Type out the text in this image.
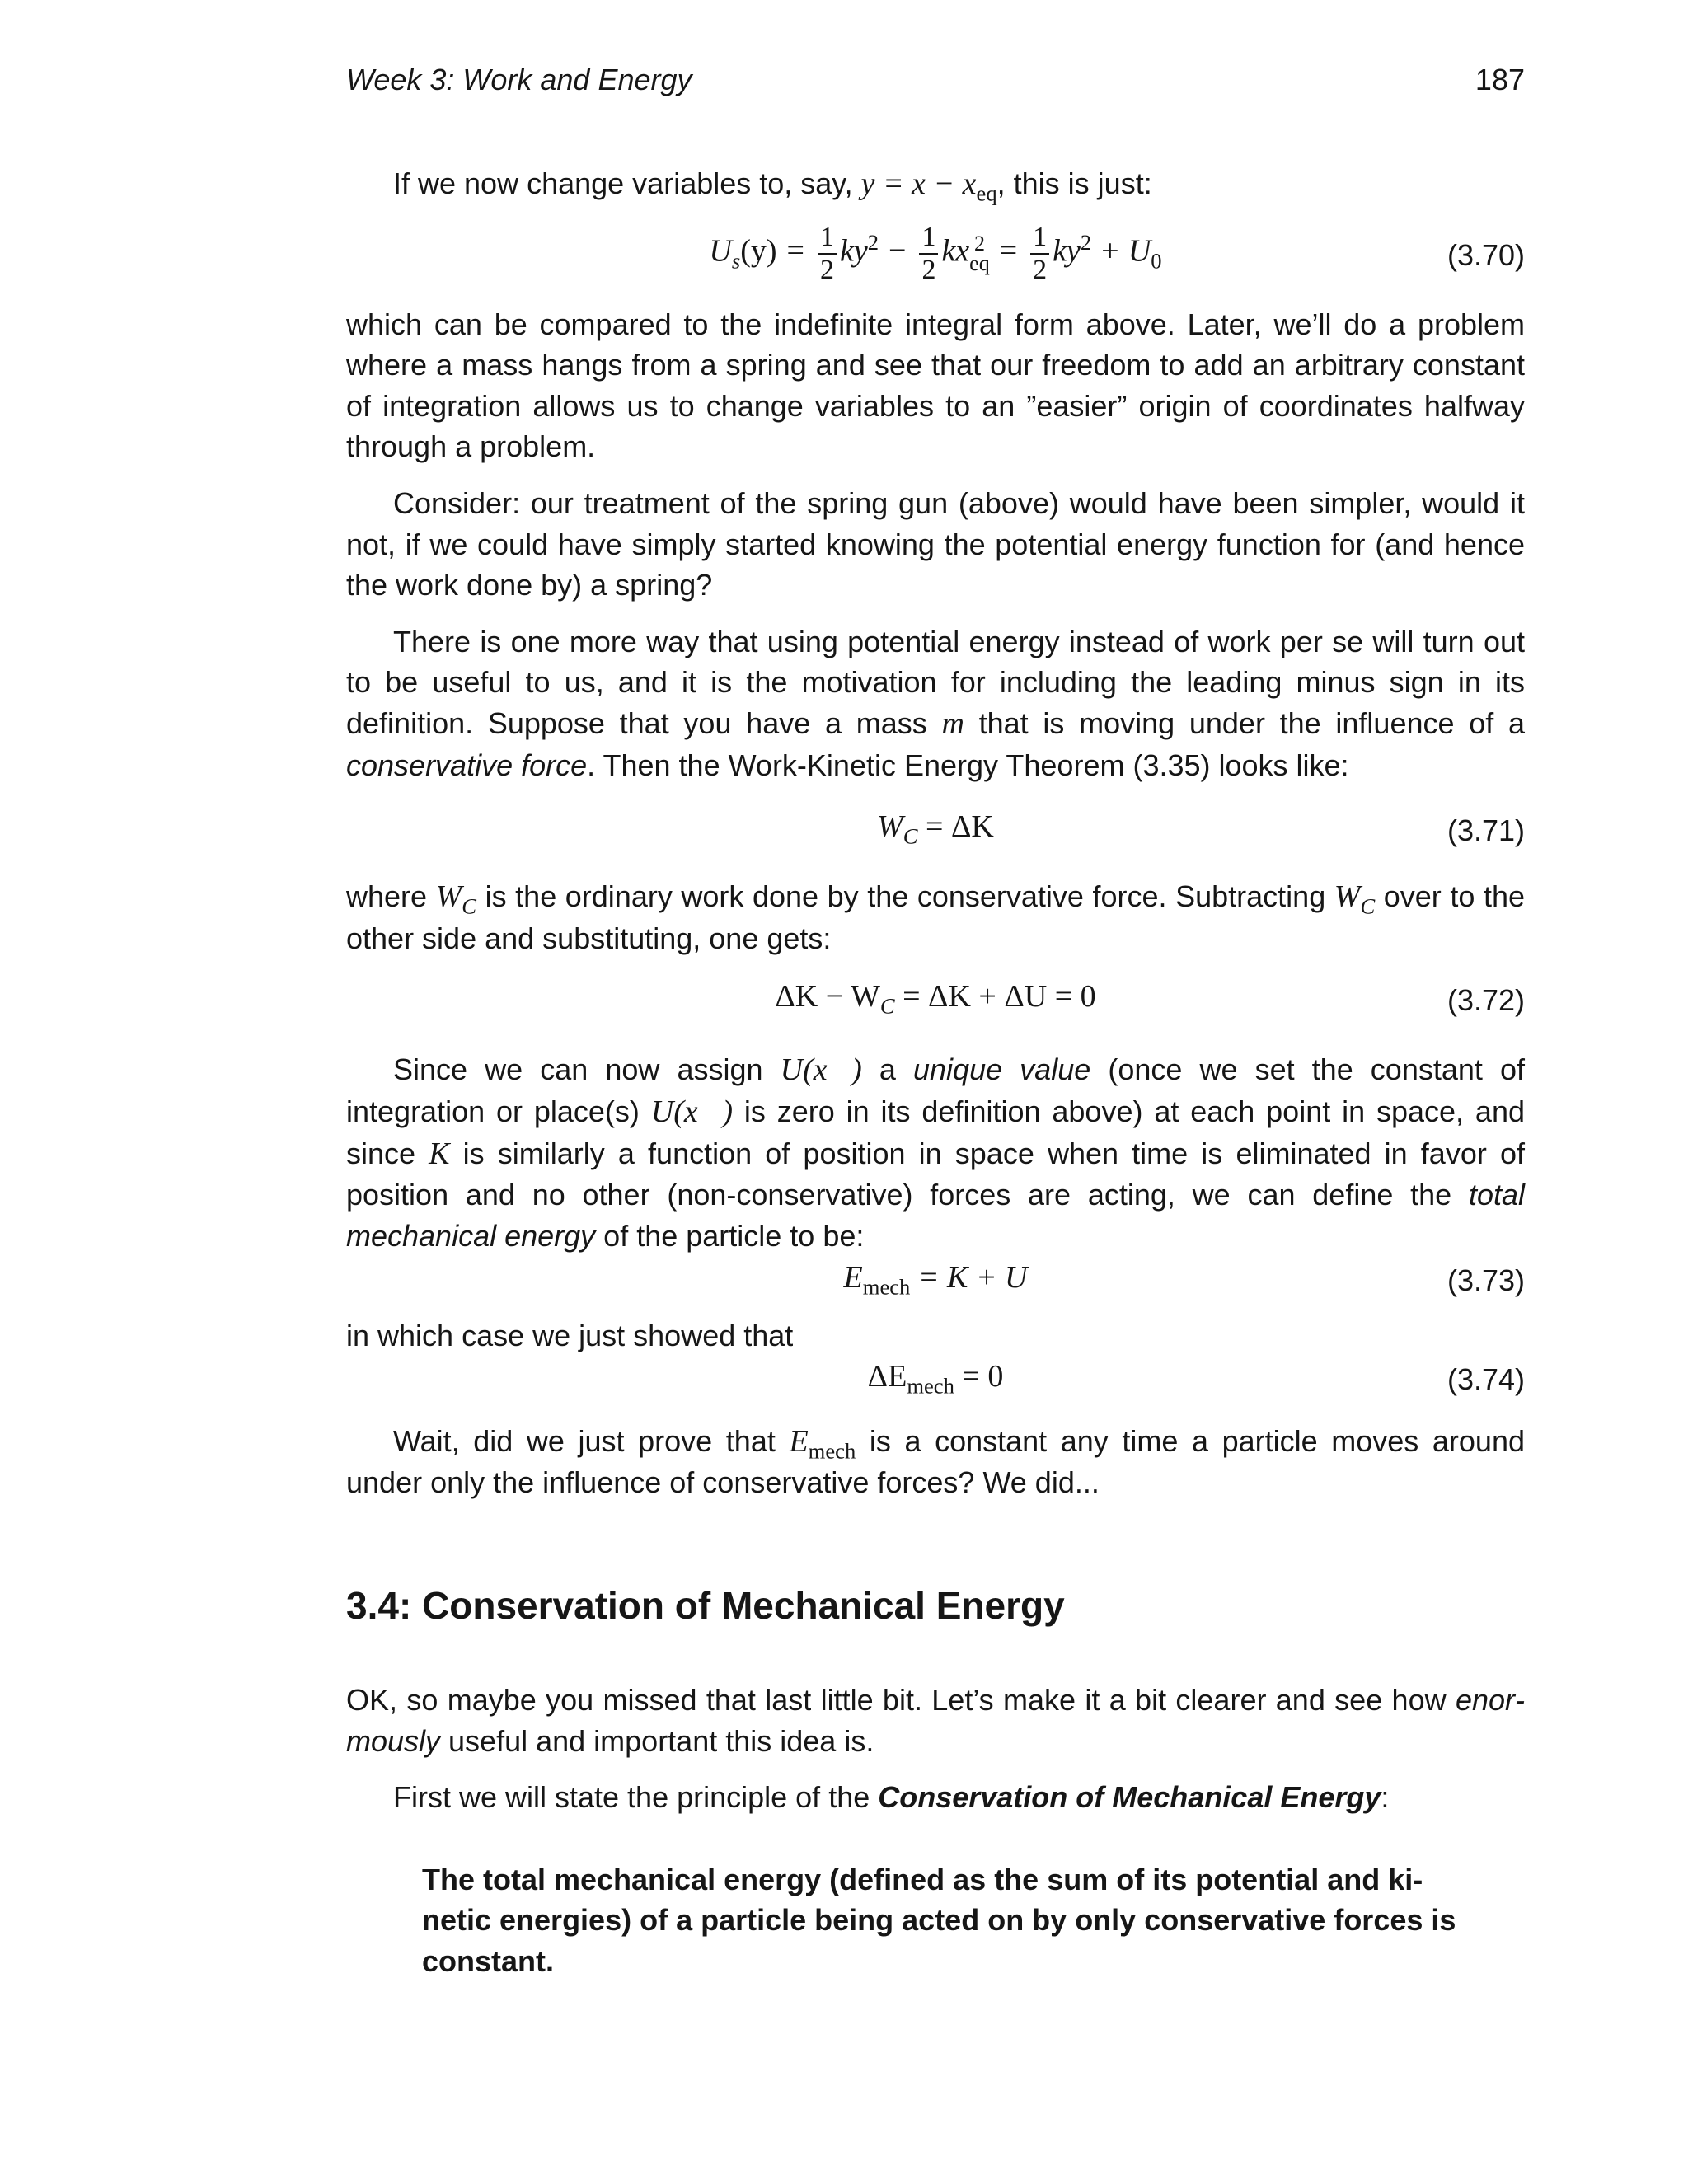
Week 3: Work and Energy	187

If we now change variables to, say, $y = x - x_{eq}$, this is just:

$U_s(y) = \frac{1}{2} ky^2 - \frac{1}{2}$ kx 2
eq = $\frac{1}{2} ky^2 + U_0$	(3.70)

which can be compared to the indefinite integral form above. Later, we’ll do a problem where a mass hangs from a spring and see that our freedom to add an arbitrary constant of integration allows us to change variables to an ”easier” origin of coordinates halfway through a problem.

Consider: our treatment of the spring gun (above) would have been simpler, would it not, if we could have simply started knowing the potential energy function for (and hence the work done by) a spring?

There is one more way that using potential energy instead of work per se will turn out to be useful to us, and it is the motivation for including the leading minus sign in its definition. Suppose that you have a mass m that is moving under the influence of a conservative force. Then the Work-Kinetic Energy Theorem (3.35) looks like:

$W_C = \Delta K$	(3.71)

where $W_C$ is the ordinary work done by the conservative force. Subtracting $W_C$ over to the other side and substituting, one gets:

$\Delta K - W_C = \Delta K + \Delta U = 0$	(3.72)

Since we can now assign U(x⃗) a unique value (once we set the constant of integration or place(s) U(x⃗) is zero in its definition above) at each point in space, and since K is similarly a function of position in space when time is eliminated in favor of position and no other (non-conservative) forces are acting, we can define the total mechanical energy of the particle to be:

$E_{mech} = K + U$	(3.73)

in which case we just showed that

$\Delta E_{mech} = 0$	(3.74)

Wait, did we just prove that $E_{mech}$ is a constant any time a particle moves around under only the influence of conservative forces? We did...

3.4: Conservation of Mechanical Energy

OK, so maybe you missed that last little bit. Let’s make it a bit clearer and see how enormously useful and important this idea is.

First we will state the principle of the Conservation of Mechanical Energy:

The total mechanical energy (defined as the sum of its potential and kinetic energies) of a particle being acted on by only conservative forces is constant.
